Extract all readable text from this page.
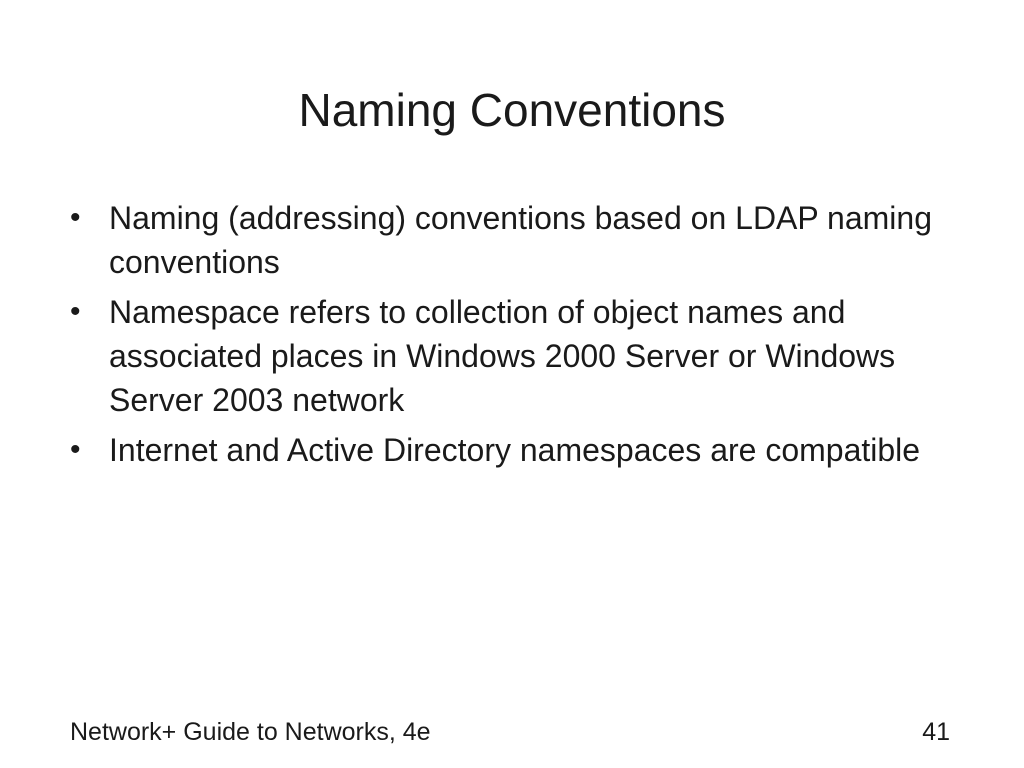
Naming Conventions
• Naming (addressing) conventions based on LDAP naming conventions
• Namespace refers to collection of object names and associated places in Windows 2000 Server or Windows Server 2003 network
• Internet and Active Directory namespaces are compatible
Network+ Guide to Networks, 4e	41
